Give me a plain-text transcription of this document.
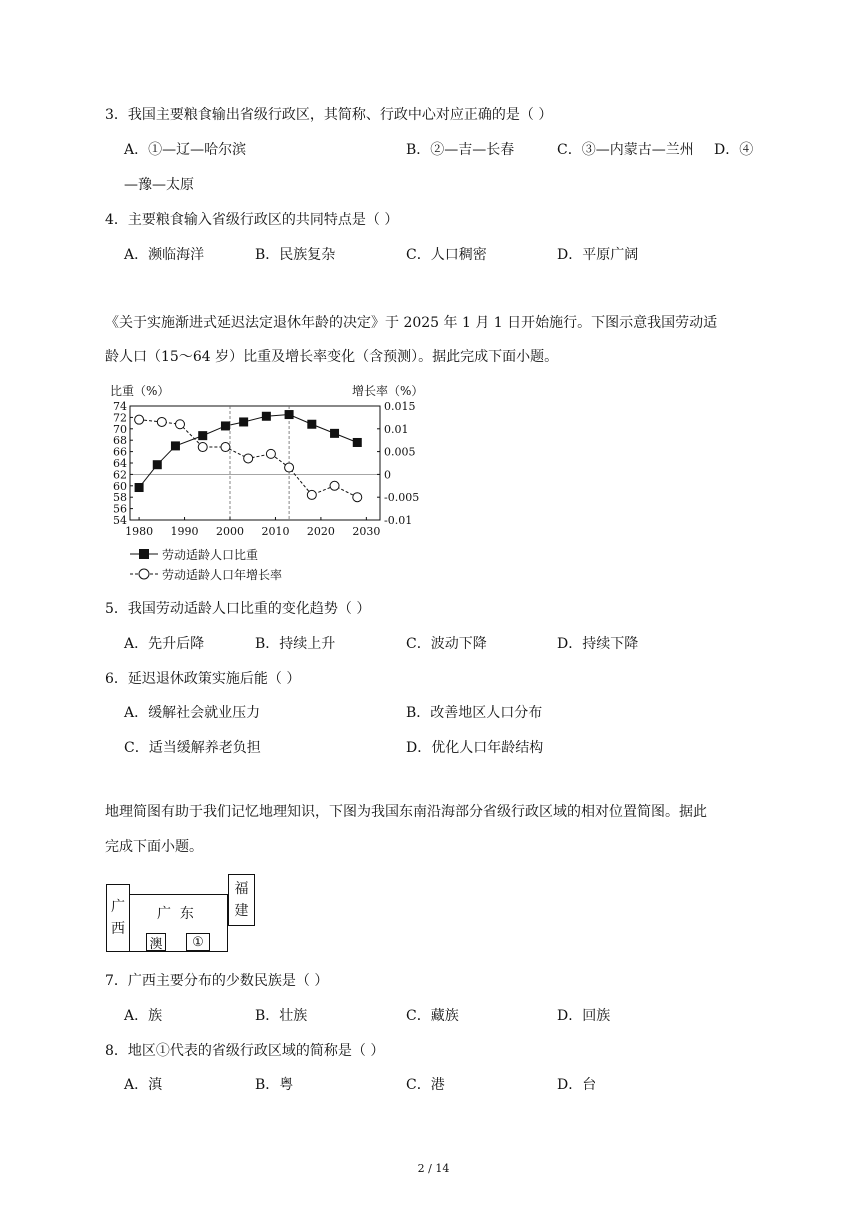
3．我国主要粮食输出省级行政区，其简称、行政中心对应正确的是（ ）
A．①—辽—哈尔滨	B．②—吉—长春	C．③—内蒙古—兰州 D．④
—豫—太原
4．主要粮食输入省级行政区的共同特点是（ ）
A．濒临海洋	B．民族复杂	C．人口稠密	D．平原广阔
《关于实施渐进式延迟法定退休年龄的决定》于 2025 年 1 月 1 日开始施行。下图示意我国劳动适
龄人口（15～64 岁）比重及增长率变化（含预测）。据此完成下面小题。
比重（%）	增长率（%）
74
72
70
68
66
64
62
60
58
56
54
0.015
0.01
0.005
0
-0.005
-0.01
1980 1990 2000 2010 2020 2030
劳动适龄人口比重
劳动适龄人口年增长率
5．我国劳动适龄人口比重的变化趋势（ ）
A．先升后降	B．持续上升	C．波动下降	D．持续下降
6．延迟退休政策实施后能（ ）
A．缓解社会就业压力	B．改善地区人口分布
C．适当缓解养老负担	D．优化人口年龄结构
地理简图有助于我们记忆地理知识，下图为我国东南沿海部分省级行政区域的相对位置简图。据此
完成下面小题。
广
西
广  东
澳 ①
福
建
7．广西主要分布的少数民族是（ ）
A．族	B．壮族	C．藏族	D．回族
8．地区①代表的省级行政区域的简称是（ ）
A．滇	B．粤	C．港	D．台
2 / 14
